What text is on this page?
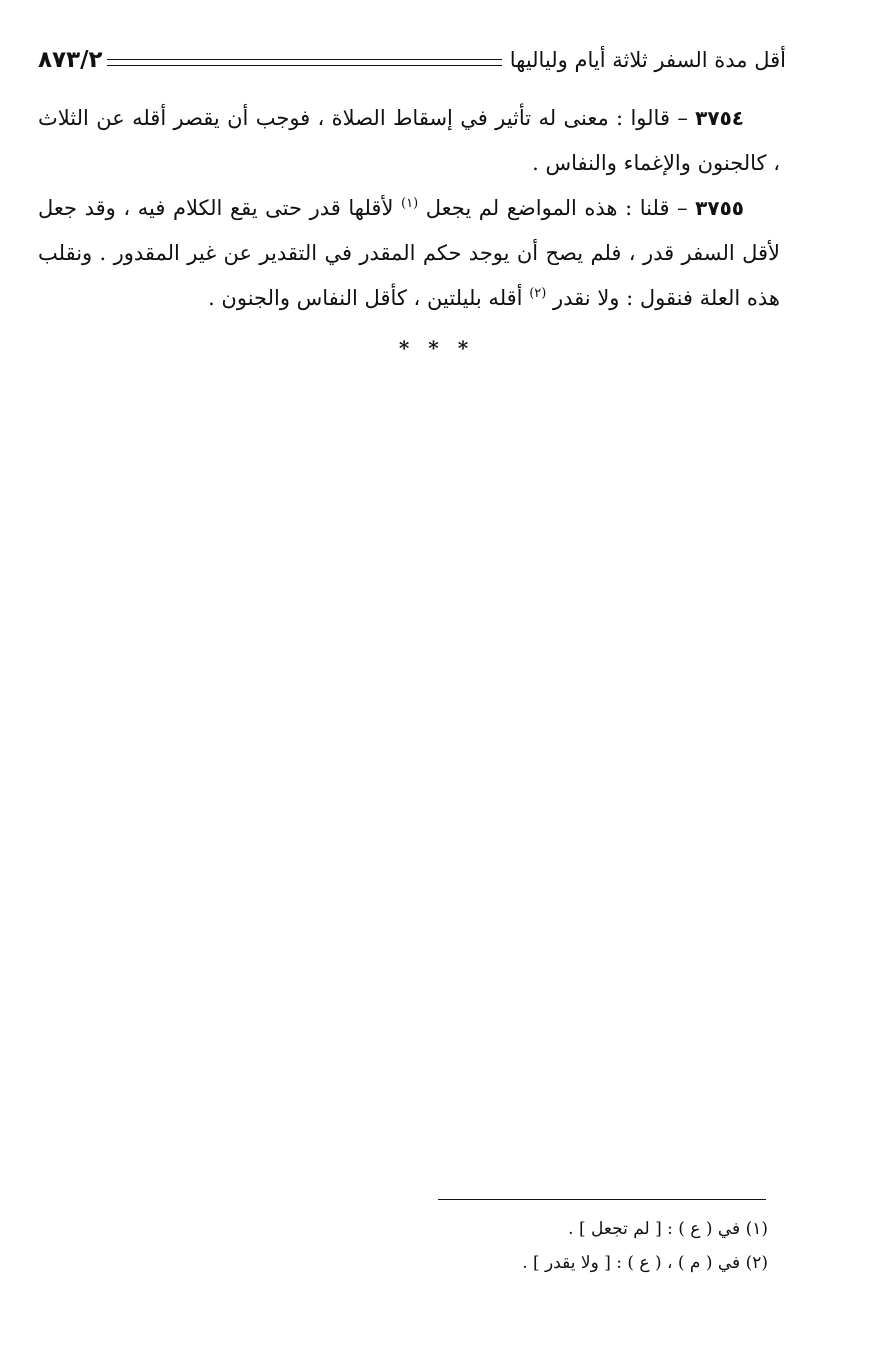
أقل مدة السفر ثلاثة أيام ولياليها
٨٧٣/٢

٣٧٥٤ – قالوا : معنى له تأثير في إسقاط الصلاة ، فوجب أن يقصر أقله عن الثلاث ، كالجنون والإغماء والنفاس .

٣٧٥٥ – قلنا : هذه المواضع لم يجعل $^{(١)}$ لأقلها قدر حتى يقع الكلام فيه ، وقد جعل لأقل السفر قدر ، فلم يصح أن يوجد حكم المقدر في التقدير عن غير المقدور . ونقلب هذه العلة فنقول : ولا نقدر $^{(٢)}$ أقله بليلتين ، كأقل النفاس والجنون .

* * *

(١) في ( ع ) : [ لم تجعل ] .

(٢) في ( م ) ، ( ع ) : [ ولا يقدر ] .
